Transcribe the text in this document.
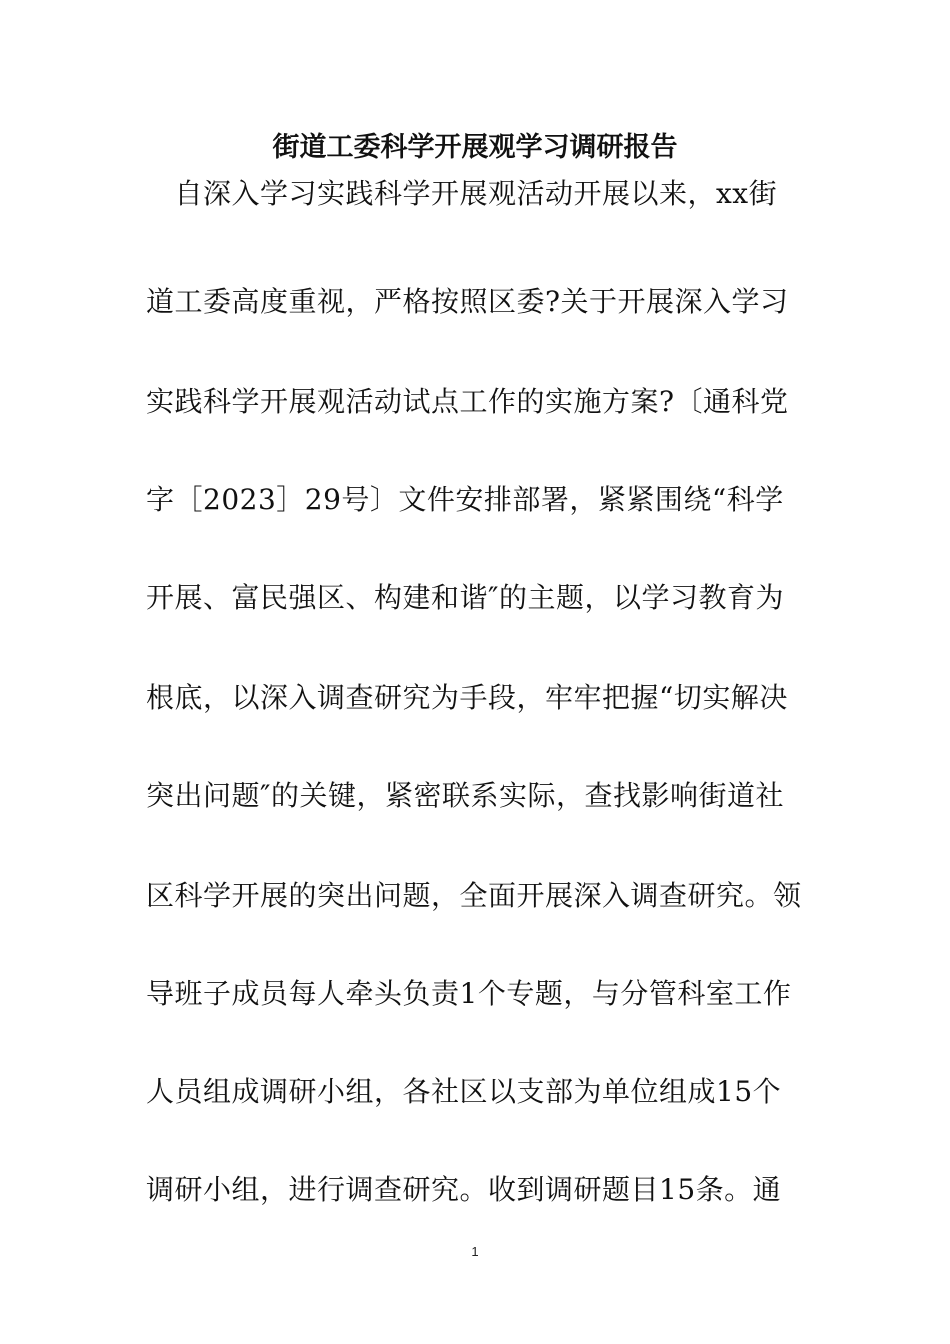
街道工委科学开展观学习调研报告

　自深入学习实践科学开展观活动开展以来，xx街

道工委高度重视，严格按照区委?关于开展深入学习

实践科学开展观活动试点工作的实施方案?〔通科党

字［2023］29号〕文件安排部署，紧紧围绕“科学

开展、富民强区、构建和谐″的主题，以学习教育为

根底，以深入调查研究为手段，牢牢把握“切实解决

突出问题″的关键，紧密联系实际，查找影响街道社

区科学开展的突出问题，全面开展深入调查研究。领

导班子成员每人牵头负责1个专题，与分管科室工作

人员组成调研小组，各社区以支部为单位组成15个

调研小组，进行调查研究。收到调研题目15条。通

1
